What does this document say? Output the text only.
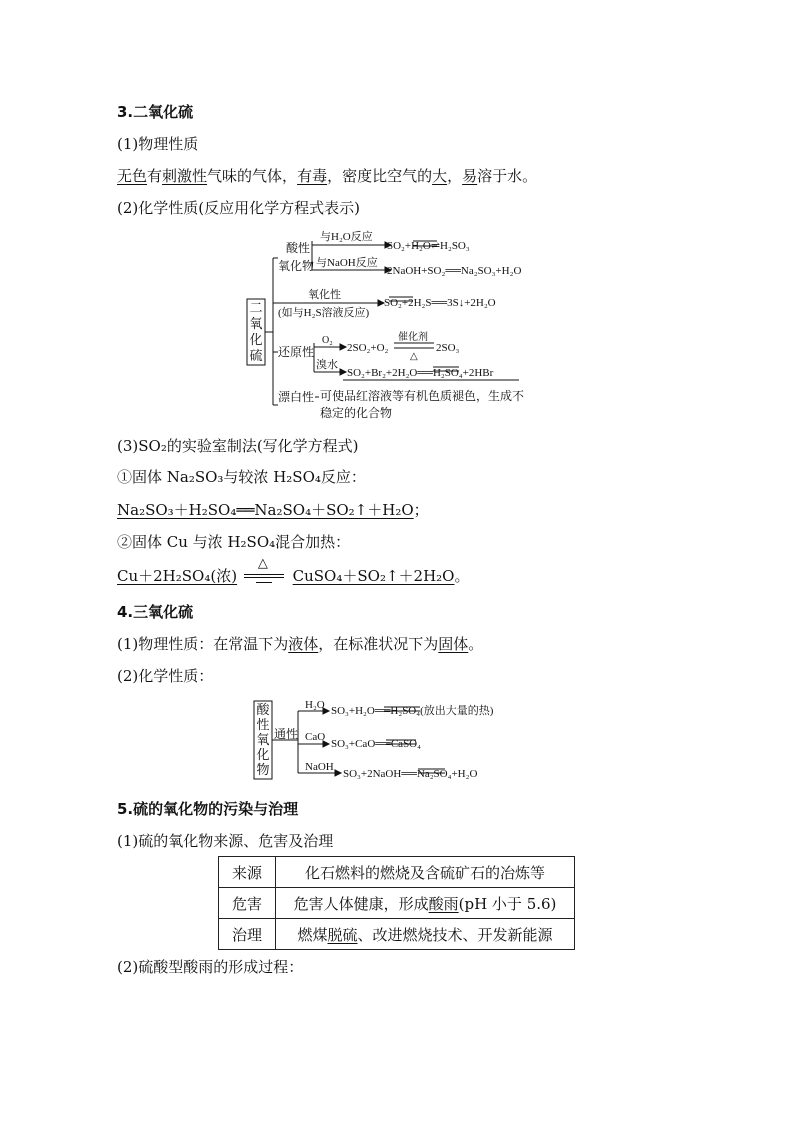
3.二氧化硫
(1)物理性质
无色有刺激性气味的气体，有毒，密度比空气的大，易溶于水。
(2)化学性质(反应用化学方程式表示)
二氧化硫
酸性
氧化物
与H₂O反应
SO₂+H₂O⇌H₂SO₃
与NaOH反应
2NaOH+SO₂══Na₂SO₃+H₂O
氧化性
(如与H₂S溶液反应)
SO₂+2H₂S══3S↓+2H₂O
还原性
O₂
2SO₂+O₂
催化剂
△
2SO₃
溴水
SO₂+Br₂+2H₂O══H₂SO₄+2HBr
漂白性 可使品红溶液等有机色质褪色，生成不
稳定的化合物
(3)SO₂的实验室制法(写化学方程式)
①固体 Na₂SO₃与较浓 H₂SO₄反应：
Na₂SO₃＋H₂SO₄══Na₂SO₄＋SO₂↑＋H₂O；
②固体 Cu 与浓 H₂SO₄混合加热：
Cu＋2H₂SO₄(浓)
△
CuSO₄＋SO₂↑＋2H₂O。
4.三氧化硫
(1)物理性质：在常温下为液体，在标准状况下为固体。
(2)化学性质：
酸性氧化物
通性
H₂O SO₃+H₂O══H₂SO₄(放出大量的热)
CaO
SO₃+CaO══CaSO₄
NaOH
SO₃+2NaOH══Na₂SO₄+H₂O
5.硫的氧化物的污染与治理
(1)硫的氧化物来源、危害及治理
来源	化石燃料的燃烧及含硫矿石的冶炼等
危害	危害人体健康，形成酸雨(pH 小于 5.6)
治理	燃煤脱硫、改进燃烧技术、开发新能源
(2)硫酸型酸雨的形成过程：
